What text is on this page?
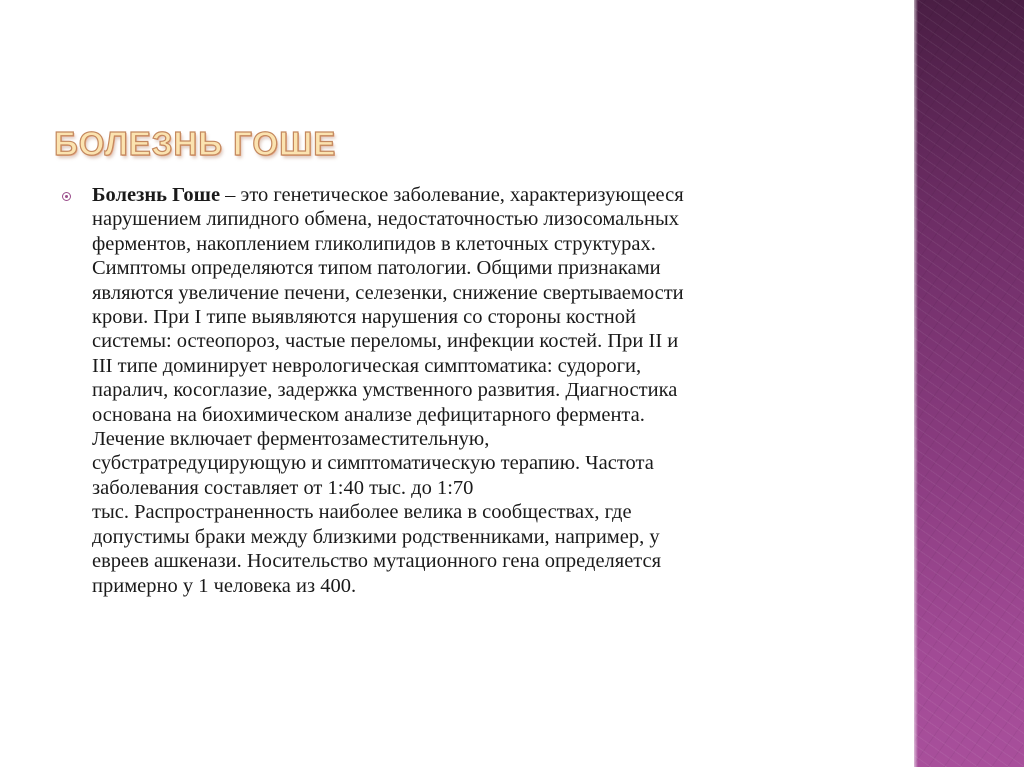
БОЛЕЗНЬ ГОШЕ

Болезнь Гоше – это генетическое заболевание, характеризующееся
нарушением липидного обмена, недостаточностью лизосомальных
ферментов, накоплением гликолипидов в клеточных структурах.
Симптомы определяются типом патологии. Общими признаками
являются увеличение печени, селезенки, снижение свертываемости
крови. При I типе выявляются нарушения со стороны костной
системы: остеопороз, частые переломы, инфекции костей. При II и
III типе доминирует неврологическая симптоматика: судороги,
паралич, косоглазие, задержка умственного развития. Диагностика
основана на биохимическом анализе дефицитарного фермента.
Лечение включает ферментозаместительную,
субстратредуцирующую и симптоматическую терапию. Частота
заболевания составляет от 1:40 тыс. до 1:70
тыс. Распространенность наиболее велика в сообществах, где
допустимы браки между близкими родственниками, например, у
евреев ашкенази. Носительство мутационного гена определяется
примерно у 1 человека из 400.
